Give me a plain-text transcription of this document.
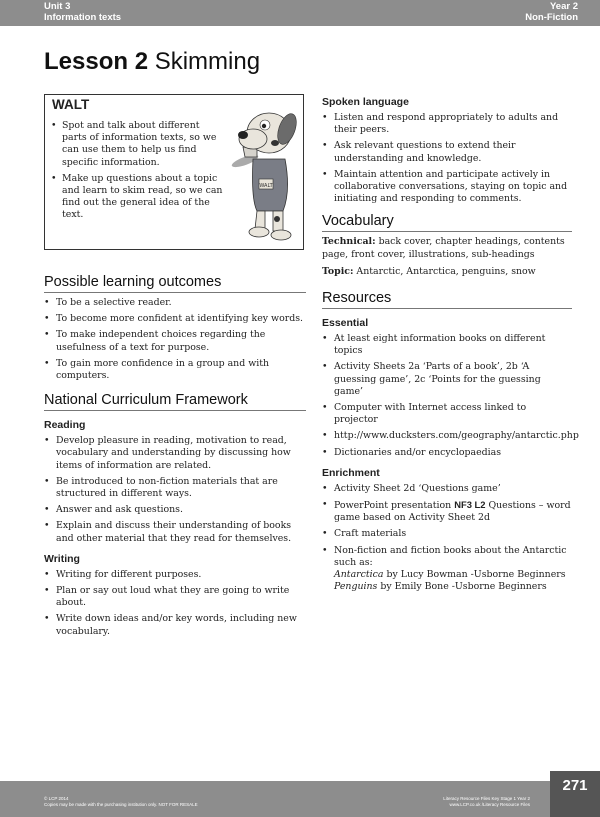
Unit 3
Information texts
Year 2
Non-Fiction
Lesson 2 Skimming
WALT
• Spot and talk about different parts of information texts, so we can use them to help us find specific information.
• Make up questions about a topic and learn to skim read, so we can find out the general idea of the text.
WALT
Possible learning outcomes
• To be a selective reader.
• To become more confident at identifying key words.
• To make independent choices regarding the usefulness of a text for purpose.
• To gain more confidence in a group and with computers.
National Curriculum Framework
Reading
• Develop pleasure in reading, motivation to read, vocabulary and understanding by discussing how items of information are related.
• Be introduced to non-fiction materials that are structured in different ways.
• Answer and ask questions.
• Explain and discuss their understanding of books and other material that they read for themselves.
Writing
• Writing for different purposes.
• Plan or say out loud what they are going to write about.
• Write down ideas and/or key words, including new vocabulary.
Spoken language
• Listen and respond appropriately to adults and their peers.
• Ask relevant questions to extend their understanding and knowledge.
• Maintain attention and participate actively in collaborative conversations, staying on topic and initiating and responding to comments.
Vocabulary

Technical: back cover, chapter headings, contents page, front cover, illustrations, sub-headings

Topic: Antarctic, Antarctica, penguins, snow

Resources
Essential
• At least eight information books on different topics
• Activity Sheets 2a ‘Parts of a book’, 2b ‘A guessing game’, 2c ‘Points for the guessing game’
• Computer with Internet access linked to projector
• http://www.ducksters.com/geography/antarctic.php
• Dictionaries and/or encyclopaedias
Enrichment
• Activity Sheet 2d ‘Questions game’
• PowerPoint presentation NF3 L2 Questions – word game based on Activity Sheet 2d
• Craft materials
• Non-fiction and fiction books about the Antarctic such as:
Antarctica by Lucy Bowman -Usborne Beginners
Penguins by Emily Bone -Usborne Beginners
© LCP 2014
Copies may be made with the purchasing institution only. NOT FOR RESALE
Literacy Resource Files Key Stage 1 Year 2
www.LCP.co.uk /Literacy Resource Files
271
